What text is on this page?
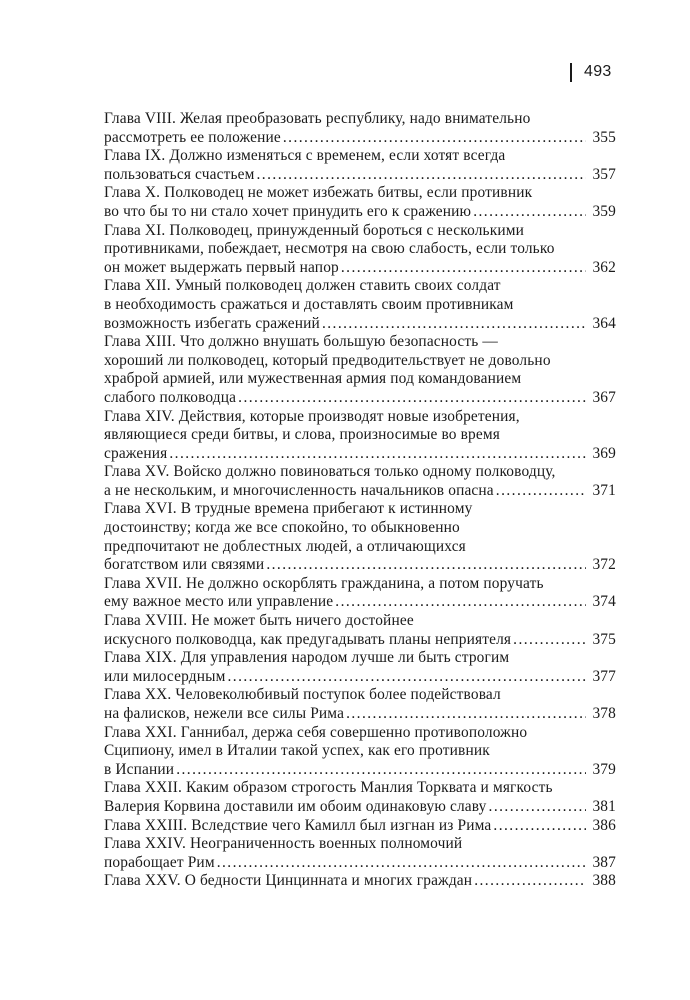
493
Глава VIII. Желая преобразовать республику, надо внимательно
рассмотреть ее положение . . .	355
Глава IX. Должно изменяться с временем, если хотят всегда
пользоваться счастьем . . .	357
Глава X. Полководец не может избежать битвы, если противник
во что бы то ни стало хочет принудить его к сражению . . .	359
Глава XI. Полководец, принужденный бороться с несколькими
противниками, побеждает, несмотря на свою слабость, если только
он может выдержать первый напор . . .	362
Глава XII. Умный полководец должен ставить своих солдат
в необходимость сражаться и доставлять своим противникам
возможность избегать сражений . . .	364
Глава XIII. Что должно внушать большую безопасность —
хороший ли полководец, который предводительствует не довольно
храброй армией, или мужественная армия под командованием
слабого полководца . . .	367
Глава XIV. Действия, которые производят новые изобретения,
являющиеся среди битвы, и слова, произносимые во время
сражения . . .	369
Глава XV. Войско должно повиноваться только одному полководцу,
а не нескольким, и многочисленность начальников опасна . . .	371
Глава XVI. В трудные времена прибегают к истинному
достоинству; когда же все спокойно, то обыкновенно
предпочитают не доблестных людей, а отличающихся
богатством или связями . . .	372
Глава XVII. Не должно оскорблять гражданина, а потом поручать
ему важное место или управление . . .	374
Глава XVIII. Не может быть ничего достойнее
искусного полководца, как предугадывать планы неприятеля . . .	375
Глава XIX. Для управления народом лучше ли быть строгим
или милосердным . . .	377
Глава XX. Человеколюбивый поступок более подействовал
на фалисков, нежели все силы Рима . . .	378
Глава XXI. Ганнибал, держа себя совершенно противоположно
Сципиону, имел в Италии такой успех, как его противник
в Испании . . .	379
Глава XXII. Каким образом строгость Манлия Торквата и мягкость
Валерия Корвина доставили им обоим одинаковую славу . . .	381
Глава XXIII. Вследствие чего Камилл был изгнан из Рима . . .	386
Глава XXIV. Неограниченность военных полномочий
порабощает Рим . . .	387
Глава XXV. О бедности Цинцинната и многих граждан . . .	388
